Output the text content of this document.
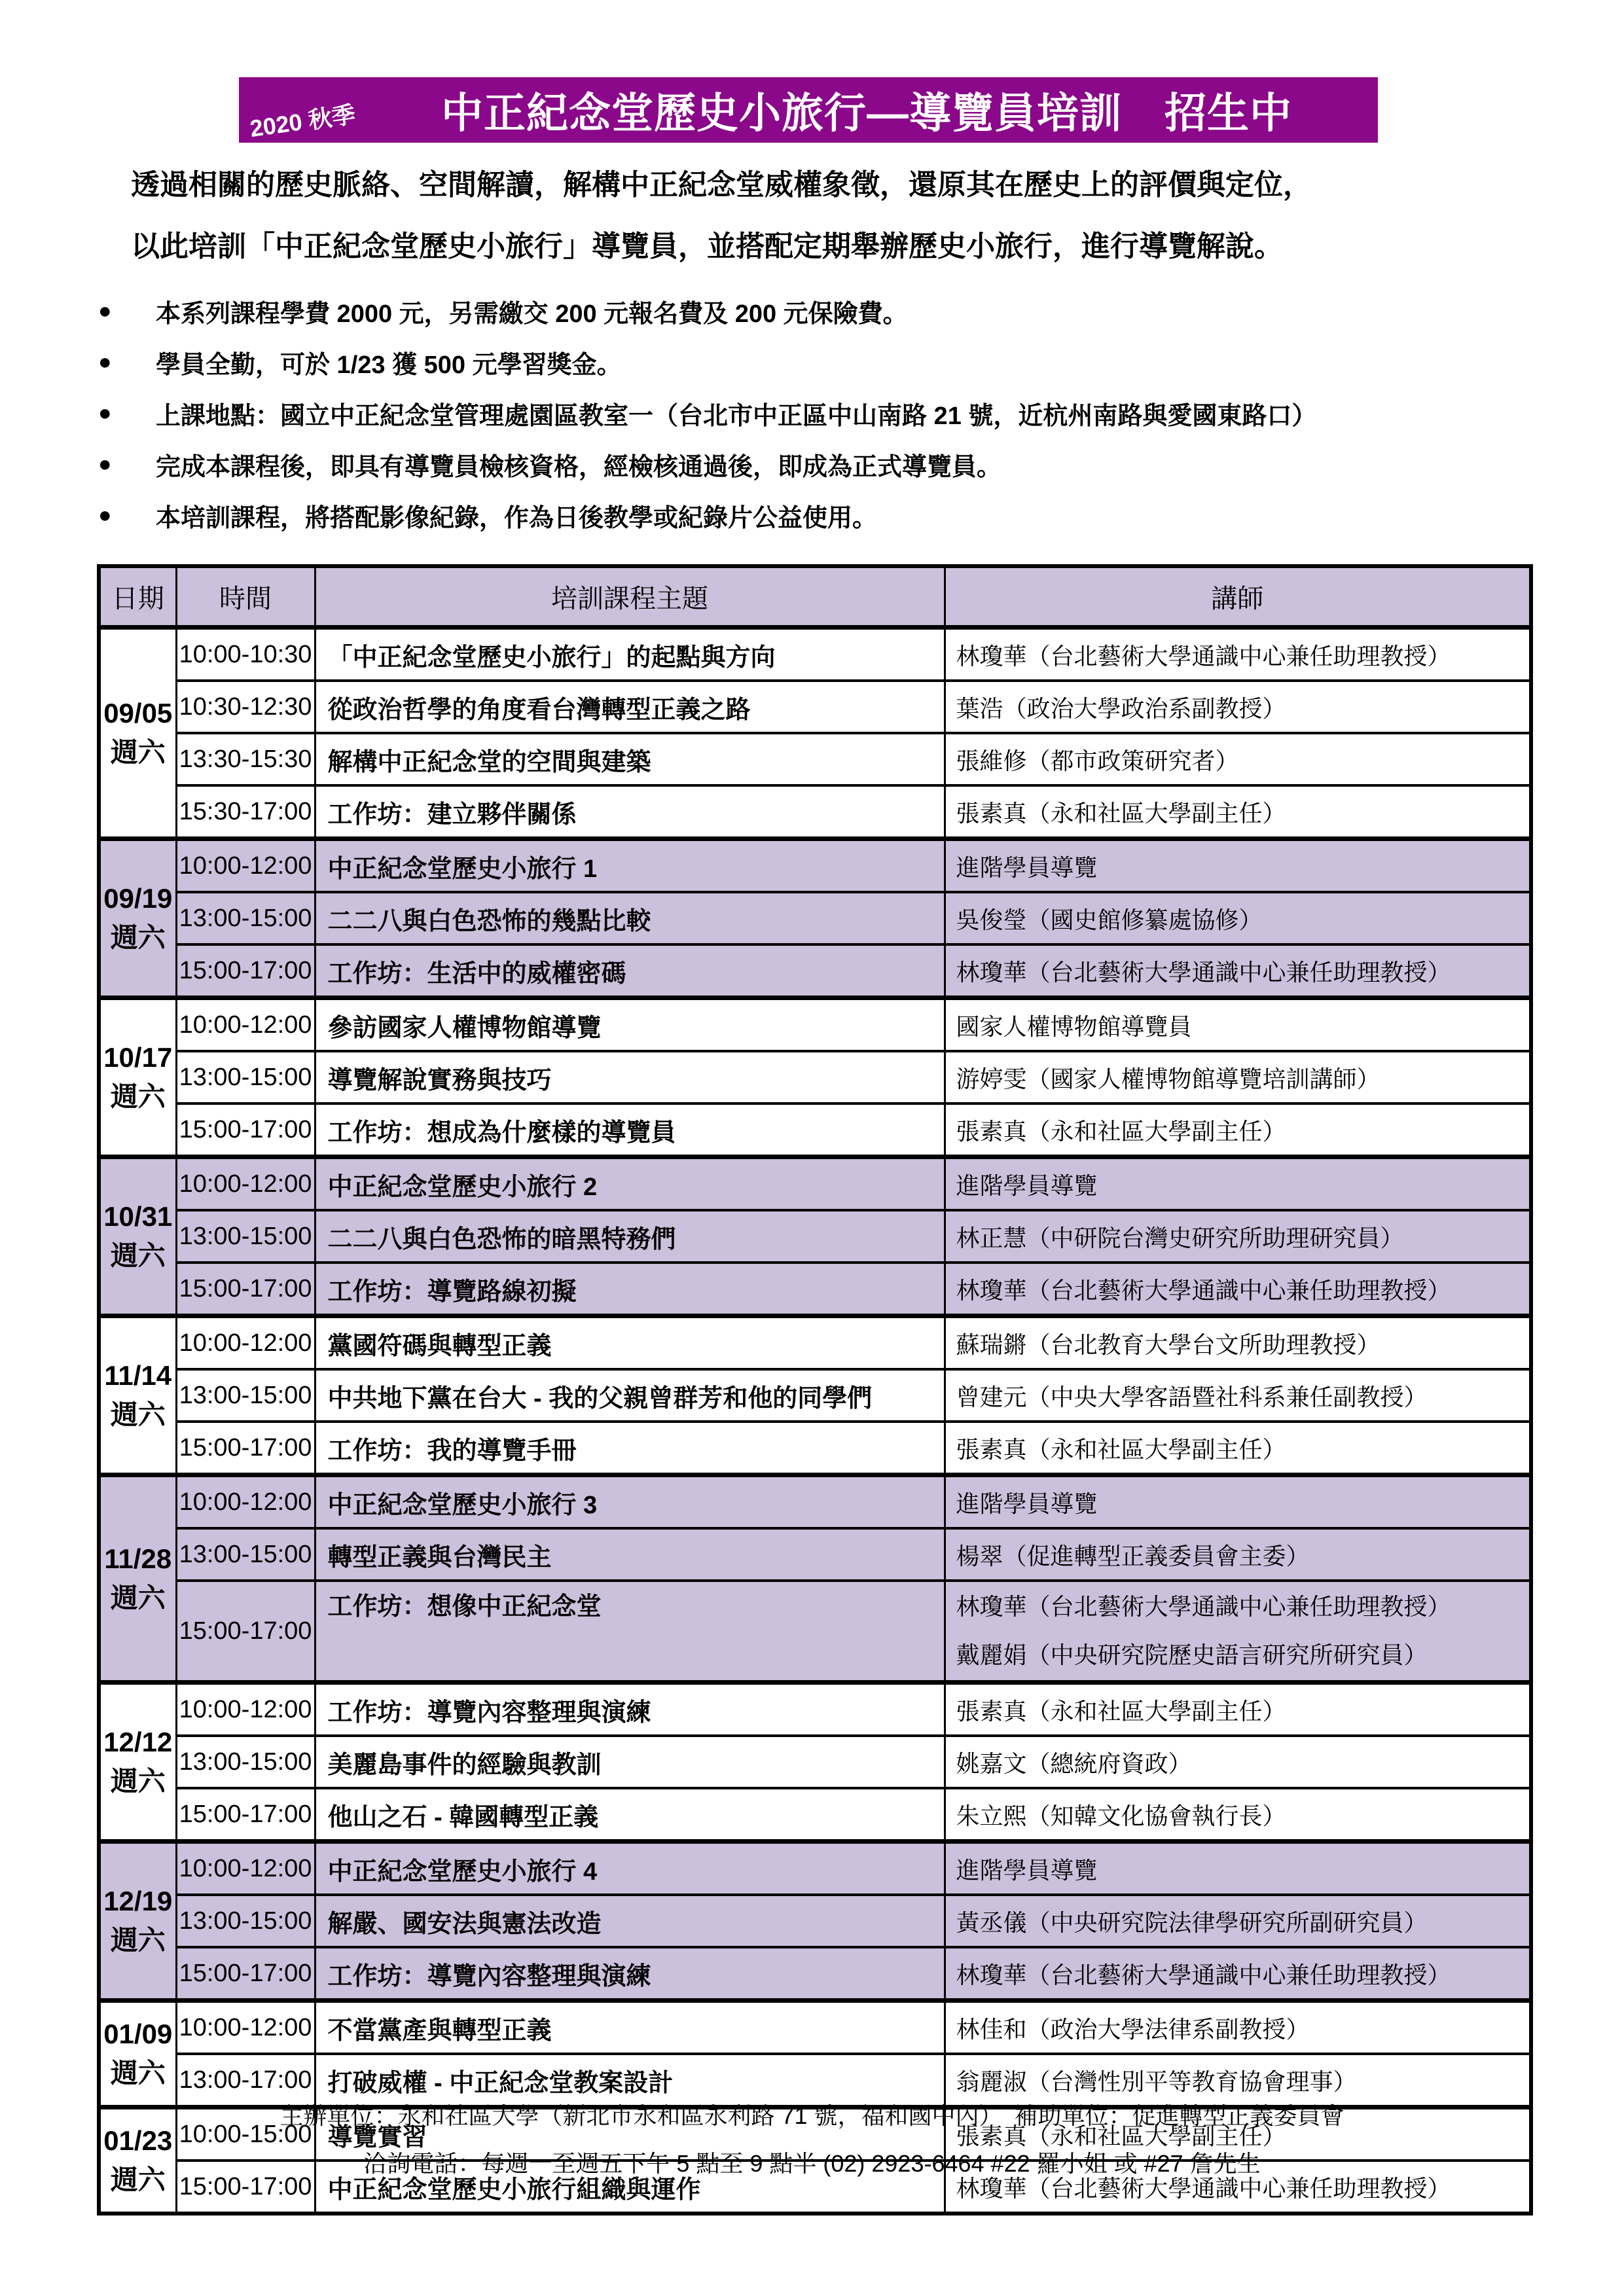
2020 秋季	中正紀念堂歷史小旅行—導覽員培訓　招生中
透過相關的歷史脈絡、空間解讀，解構中正紀念堂威權象徵，還原其在歷史上的評價與定位，
以此培訓「中正紀念堂歷史小旅行」導覽員，並搭配定期舉辦歷史小旅行，進行導覽解說。
●	本系列課程學費 2000 元，另需繳交 200 元報名費及 200 元保險費。
●	學員全勤，可於 1/23 獲 500 元學習獎金。
●	上課地點：國立中正紀念堂管理處園區教室一（台北市中正區中山南路 21 號，近杭州南路與愛國東路口）
●	完成本課程後，即具有導覽員檢核資格，經檢核通過後，即成為正式導覽員。
●	本培訓課程，將搭配影像紀錄，作為日後教學或紀錄片公益使用。
日期	時間	培訓課程主題	講師

09/05
週六	10:00-10:30	「中正紀念堂歷史小旅行」的起點與方向	林瓊華（台北藝術大學通識中心兼任助理教授）

	10:30-12:30	從政治哲學的角度看台灣轉型正義之路	葉浩（政治大學政治系副教授）

	13:30-15:30	解構中正紀念堂的空間與建築	張維修（都市政策研究者）

	15:30-17:00	工作坊：建立夥伴關係	張素真（永和社區大學副主任）

09/19
週六	10:00-12:00	中正紀念堂歷史小旅行 1	進階學員導覽

	13:00-15:00	二二八與白色恐怖的幾點比較	吳俊瑩（國史館修纂處協修）

	15:00-17:00	工作坊：生活中的威權密碼	林瓊華（台北藝術大學通識中心兼任助理教授）

10/17
週六	10:00-12:00	參訪國家人權博物館導覽	國家人權博物館導覽員

	13:00-15:00	導覽解說實務與技巧	游婷雯（國家人權博物館導覽培訓講師）

	15:00-17:00	工作坊：想成為什麼樣的導覽員	張素真（永和社區大學副主任）

10/31
週六	10:00-12:00	中正紀念堂歷史小旅行 2	進階學員導覽

	13:00-15:00	二二八與白色恐怖的暗黑特務們	林正慧（中研院台灣史研究所助理研究員）

	15:00-17:00	工作坊：導覽路線初擬	林瓊華（台北藝術大學通識中心兼任助理教授）

11/14
週六	10:00-12:00	黨國符碼與轉型正義	蘇瑞鏘（台北教育大學台文所助理教授）

	13:00-15:00	中共地下黨在台大 - 我的父親曾群芳和他的同學們	曾建元（中央大學客語暨社科系兼任副教授）

	15:00-17:00	工作坊：我的導覽手冊	張素真（永和社區大學副主任）

11/28
週六	10:00-12:00	中正紀念堂歷史小旅行 3	進階學員導覽

	13:00-15:00	轉型正義與台灣民主	楊翠（促進轉型正義委員會主委）

	15:00-17:00	工作坊：想像中正紀念堂	林瓊華（台北藝術大學通識中心兼任助理教授）
戴麗娟（中央研究院歷史語言研究所研究員）

12/12
週六	10:00-12:00	工作坊：導覽內容整理與演練	張素真（永和社區大學副主任）

	13:00-15:00	美麗島事件的經驗與教訓	姚嘉文（總統府資政）

	15:00-17:00	他山之石 - 韓國轉型正義	朱立熙（知韓文化協會執行長）

12/19
週六	10:00-12:00	中正紀念堂歷史小旅行 4	進階學員導覽

	13:00-15:00	解嚴、國安法與憲法改造	黃丞儀（中央研究院法律學研究所副研究員）

	15:00-17:00	工作坊：導覽內容整理與演練	林瓊華（台北藝術大學通識中心兼任助理教授）

01/09
週六	10:00-12:00	不當黨產與轉型正義	林佳和（政治大學法律系副教授）

	13:00-17:00	打破威權 - 中正紀念堂教案設計	翁麗淑（台灣性別平等教育協會理事）

01/23
週六	10:00-15:00	導覽實習	張素真（永和社區大學副主任）

	15:00-17:00	中正紀念堂歷史小旅行組織與運作	林瓊華（台北藝術大學通識中心兼任助理教授）
主辦單位：永和社區大學（新北市永和區永利路 71 號，福和國中內）　補助單位：促進轉型正義委員會
洽詢電話：每週一至週五下午 5 點至 9 點半 (02) 2923-6464 #22 羅小姐 或 #27 詹先生
